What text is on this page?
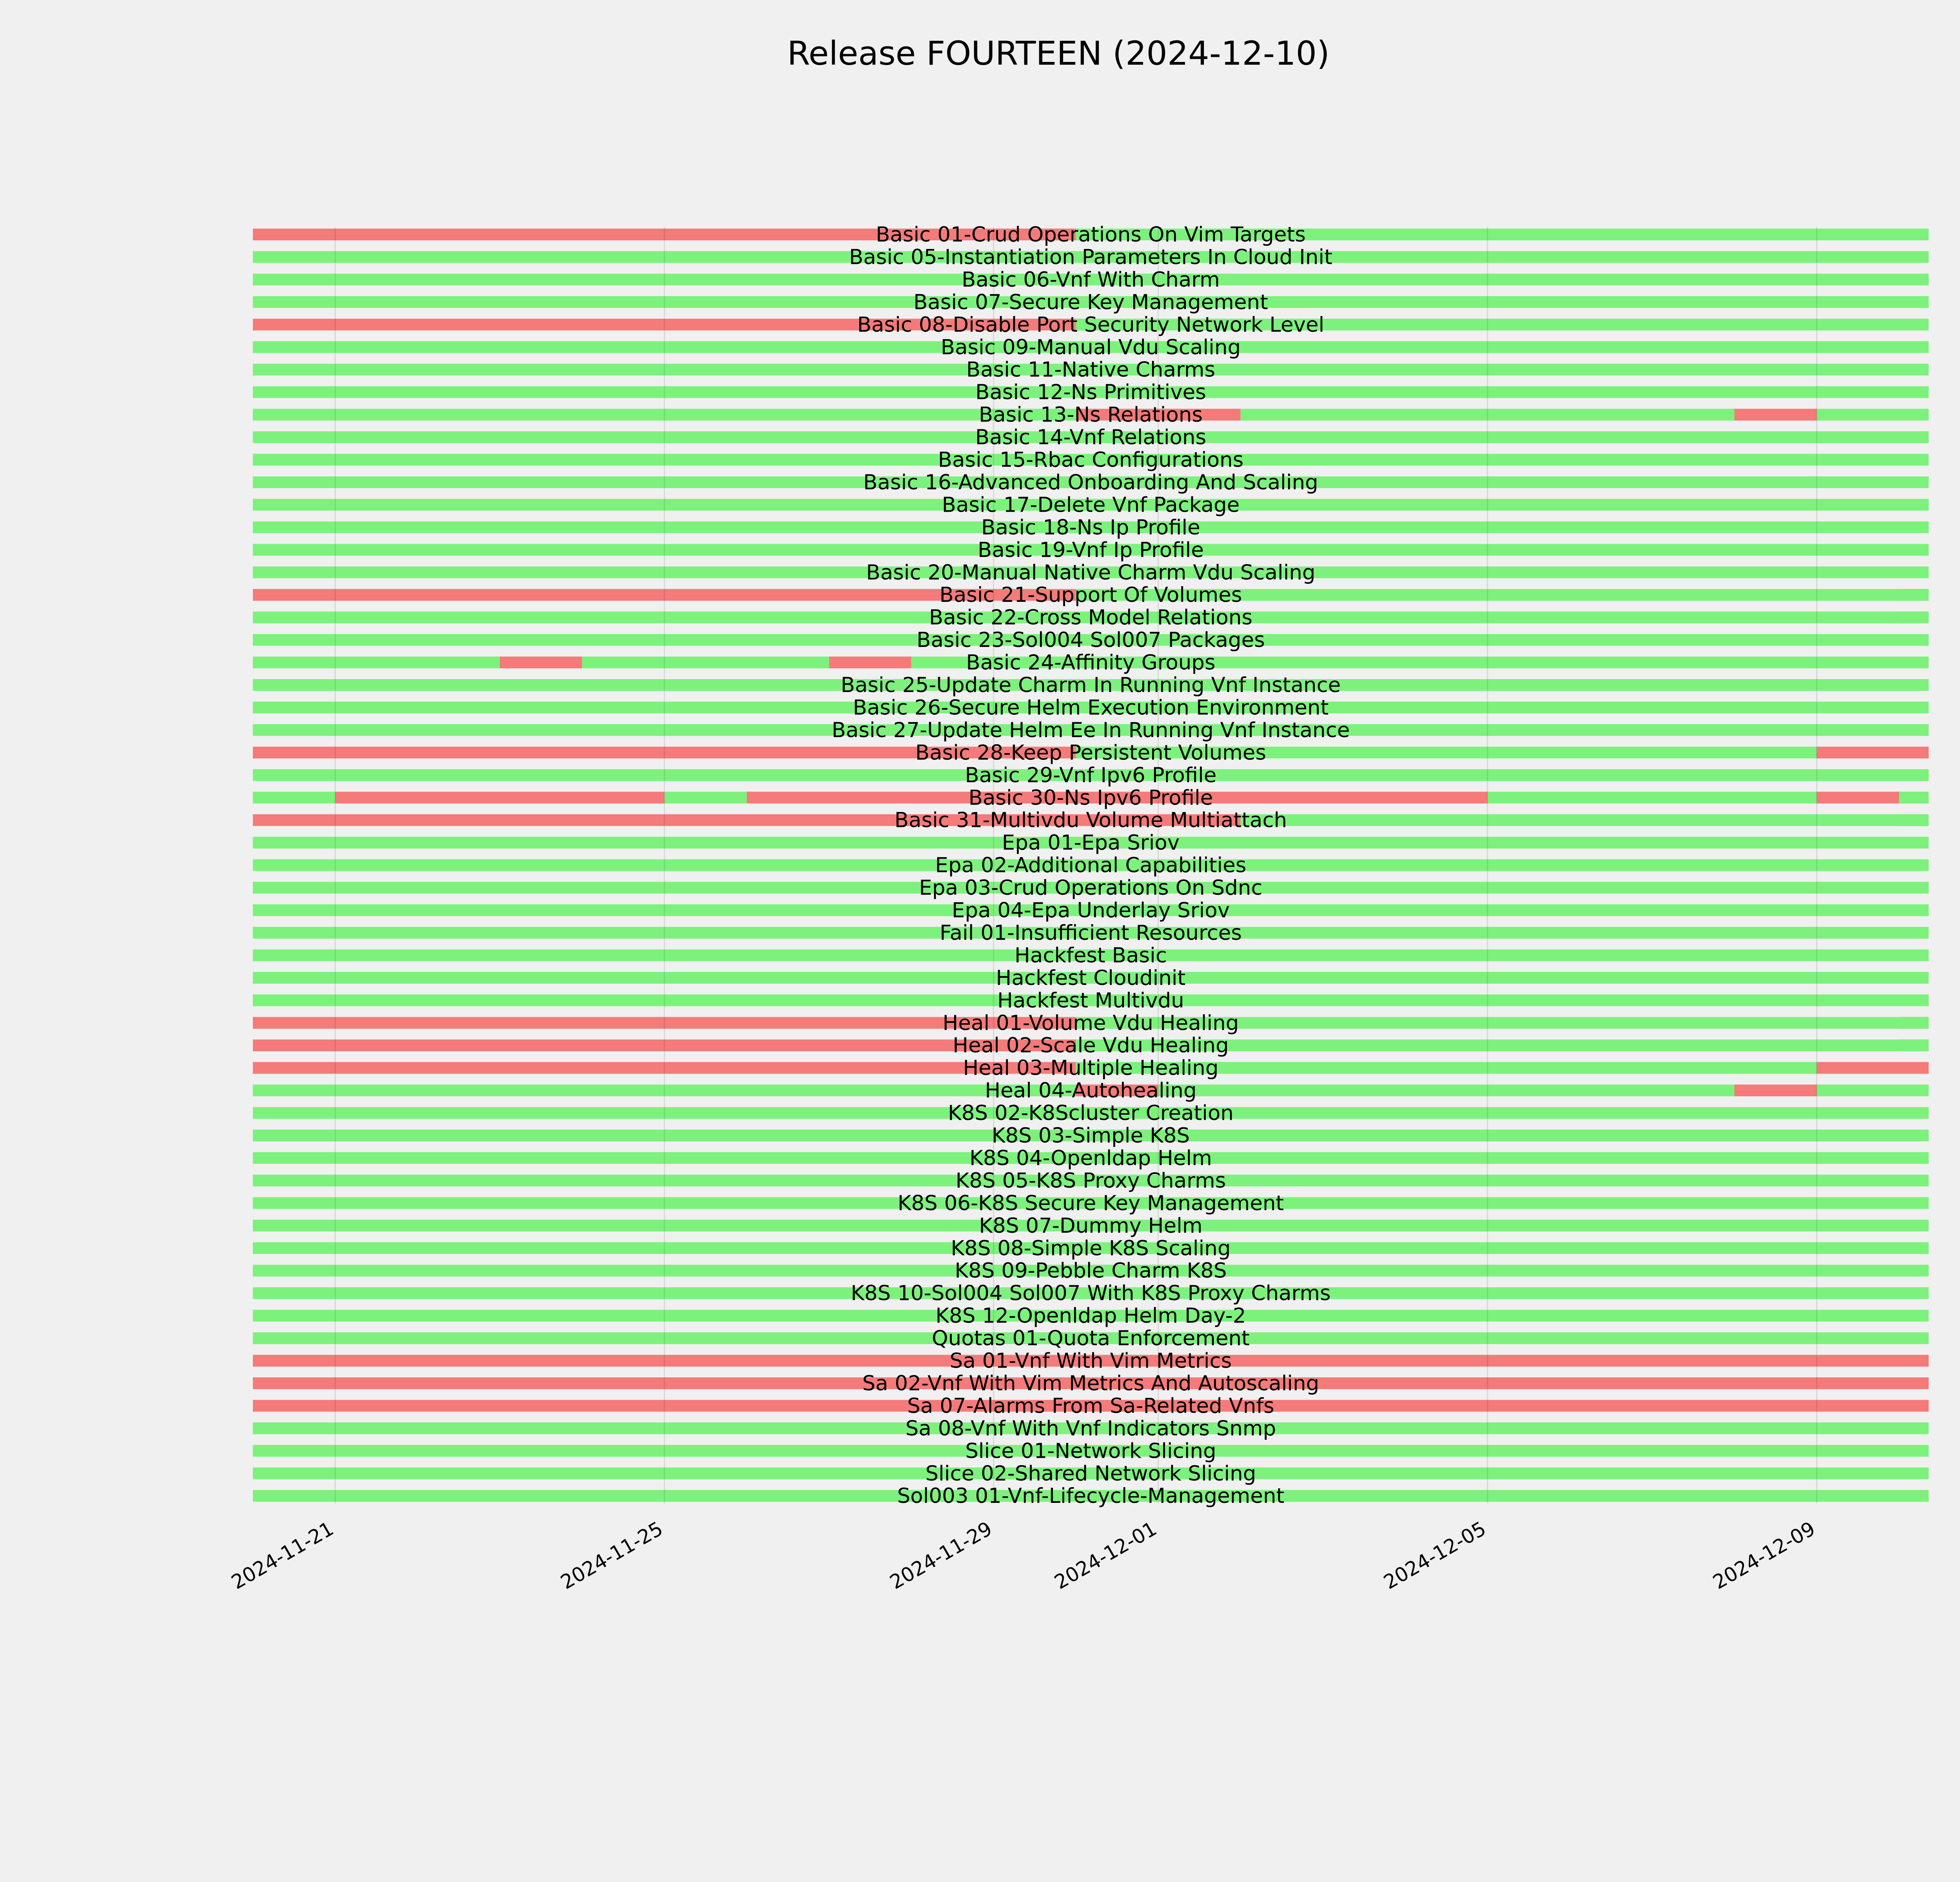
Release FOURTEEN (2024-12-10)
Basic 01-Crud Operations On Vim Targets
Basic 05-Instantiation Parameters In Cloud Init
Basic 06-Vnf With Charm
Basic 07-Secure Key Management
Basic 08-Disable Port Security Network Level
Basic 09-Manual Vdu Scaling
Basic 11-Native Charms
Basic 12-Ns Primitives
Basic 13-Ns Relations
Basic 14-Vnf Relations
Basic 15-Rbac Configurations
Basic 16-Advanced Onboarding And Scaling
Basic 17-Delete Vnf Package
Basic 18-Ns Ip Profile
Basic 19-Vnf Ip Profile
Basic 20-Manual Native Charm Vdu Scaling
Basic 21-Support Of Volumes
Basic 22-Cross Model Relations
Basic 23-Sol004 Sol007 Packages
Basic 24-Affinity Groups
Basic 25-Update Charm In Running Vnf Instance
Basic 26-Secure Helm Execution Environment
Basic 27-Update Helm Ee In Running Vnf Instance
Basic 28-Keep Persistent Volumes
Basic 29-Vnf Ipv6 Profile
Basic 30-Ns Ipv6 Profile
Basic 31-Multivdu Volume Multiattach
Epa 01-Epa Sriov
Epa 02-Additional Capabilities
Epa 03-Crud Operations On Sdnc
Epa 04-Epa Underlay Sriov
Fail 01-Insufficient Resources
Hackfest Basic
Hackfest Cloudinit
Hackfest Multivdu
Heal 01-Volume Vdu Healing
Heal 02-Scale Vdu Healing
Heal 03-Multiple Healing
Heal 04-Autohealing
K8S 02-K8Scluster Creation
K8S 03-Simple K8S
K8S 04-Openldap Helm
K8S 05-K8S Proxy Charms
K8S 06-K8S Secure Key Management
K8S 07-Dummy Helm
K8S 08-Simple K8S Scaling
K8S 09-Pebble Charm K8S
K8S 10-Sol004 Sol007 With K8S Proxy Charms
K8S 12-Openldap Helm Day-2
Quotas 01-Quota Enforcement
Sa 01-Vnf With Vim Metrics
Sa 02-Vnf With Vim Metrics And Autoscaling
Sa 07-Alarms From Sa-Related Vnfs
Sa 08-Vnf With Vnf Indicators Snmp
Slice 01-Network Slicing
Slice 02-Shared Network Slicing
Sol003 01-Vnf-Lifecycle-Management
2024-11-21	2024-11-25	2024-11-29	2024-12-01	2024-12-05	2024-12-09
